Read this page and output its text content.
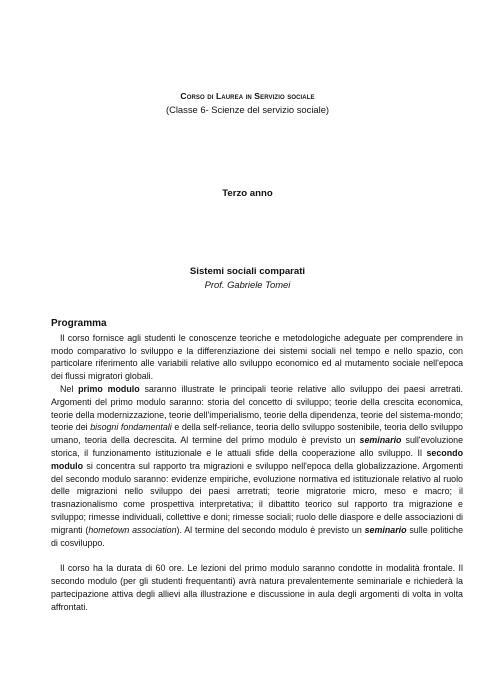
Corso di Laurea in Servizio sociale
(Classe 6- Scienze del servizio sociale)
Terzo anno
Sistemi sociali comparati
Prof. Gabriele Tomei
Programma

Il corso fornisce agli studenti le conoscenze teoriche e metodologiche adeguate per comprendere in modo comparativo lo sviluppo e la differenziazione dei sistemi sociali nel tempo e nello spazio, con particolare riferimento alle variabili relative allo sviluppo economico ed al mutamento sociale nell'epoca dei flussi migratori globali.

Nel primo modulo saranno illustrate le principali teorie relative allo sviluppo dei paesi arretrati. Argomenti del primo modulo saranno: storia del concetto di sviluppo; teorie della crescita economica, teorie della modernizzazione, teorie dell'imperialismo, teorie della dipendenza, teorie del sistema-mondo; teorie dei bisogni fondamentali e della self-reliance, teoria dello sviluppo sostenibile, teoria dello sviluppo umano, teoria della decrescita. Al termine del primo modulo è previsto un seminario sull'evoluzione storica, il funzionamento istituzionale e le attuali sfide della cooperazione allo sviluppo. Il secondo modulo si concentra sul rapporto tra migrazioni e sviluppo nell'epoca della globalizzazione. Argomenti del secondo modulo saranno: evidenze empiriche, evoluzione normativa ed istituzionale relativo al ruolo delle migrazioni nello sviluppo dei paesi arretrati; teorie migratorie micro, meso e macro; il trasnazionalismo come prospettiva interpretativa; il dibattito teorico sul rapporto tra migrazione e sviluppo; rimesse individuali, collettive e doni; rimesse sociali; ruolo delle diaspore e delle associazioni di migranti (hometown association). Al termine del secondo modulo è previsto un seminario sulle politiche di cosviluppo.

Il corso ha la durata di 60 ore. Le lezioni del primo modulo saranno condotte in modalità frontale. Il secondo modulo (per gli studenti frequentanti) avrà natura prevalentemente seminariale e richiederà la partecipazione attiva degli allievi alla illustrazione e discussione in aula degli argomenti di volta in volta affrontati.
